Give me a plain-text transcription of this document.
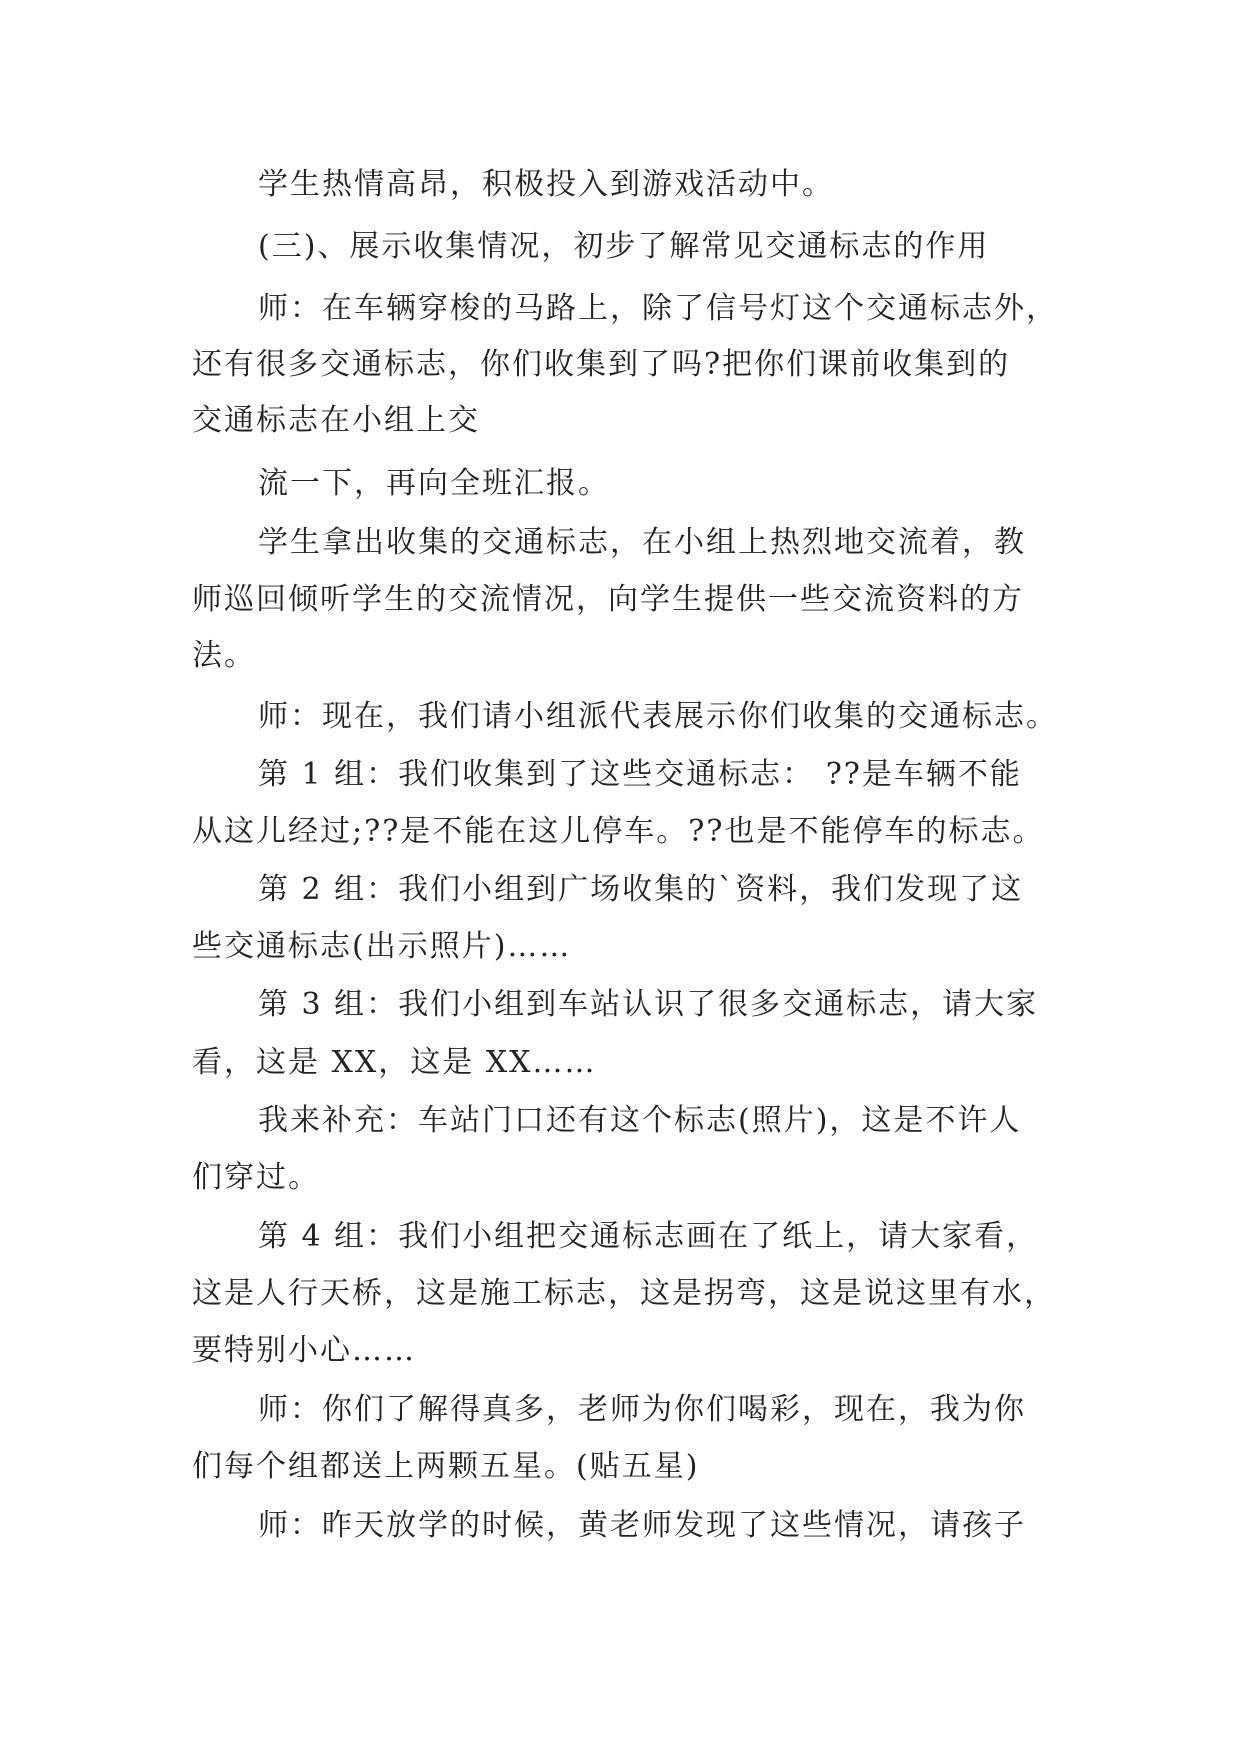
学生热情高昂，积极投入到游戏活动中。
(三)、展示收集情况，初步了解常见交通标志的作用
师：在车辆穿梭的马路上，除了信号灯这个交通标志外，
还有很多交通标志，你们收集到了吗?把你们课前收集到的
交通标志在小组上交
流一下，再向全班汇报。
学生拿出收集的交通标志，在小组上热烈地交流着，教
师巡回倾听学生的交流情况，向学生提供一些交流资料的方
法。
师：现在，我们请小组派代表展示你们收集的交通标志。
第 1 组：我们收集到了这些交通标志： ??是车辆不能
从这儿经过;??是不能在这儿停车。??也是不能停车的标志。
第 2 组：我们小组到广场收集的`资料，我们发现了这
些交通标志(出示照片)……
第 3 组：我们小组到车站认识了很多交通标志，请大家
看，这是 XX，这是 XX……
我来补充：车站门口还有这个标志(照片)，这是不许人
们穿过。
第 4 组：我们小组把交通标志画在了纸上，请大家看，
这是人行天桥，这是施工标志，这是拐弯，这是说这里有水，
要特别小心……
师：你们了解得真多，老师为你们喝彩，现在，我为你
们每个组都送上两颗五星。(贴五星)
师：昨天放学的时候，黄老师发现了这些情况，请孩子
